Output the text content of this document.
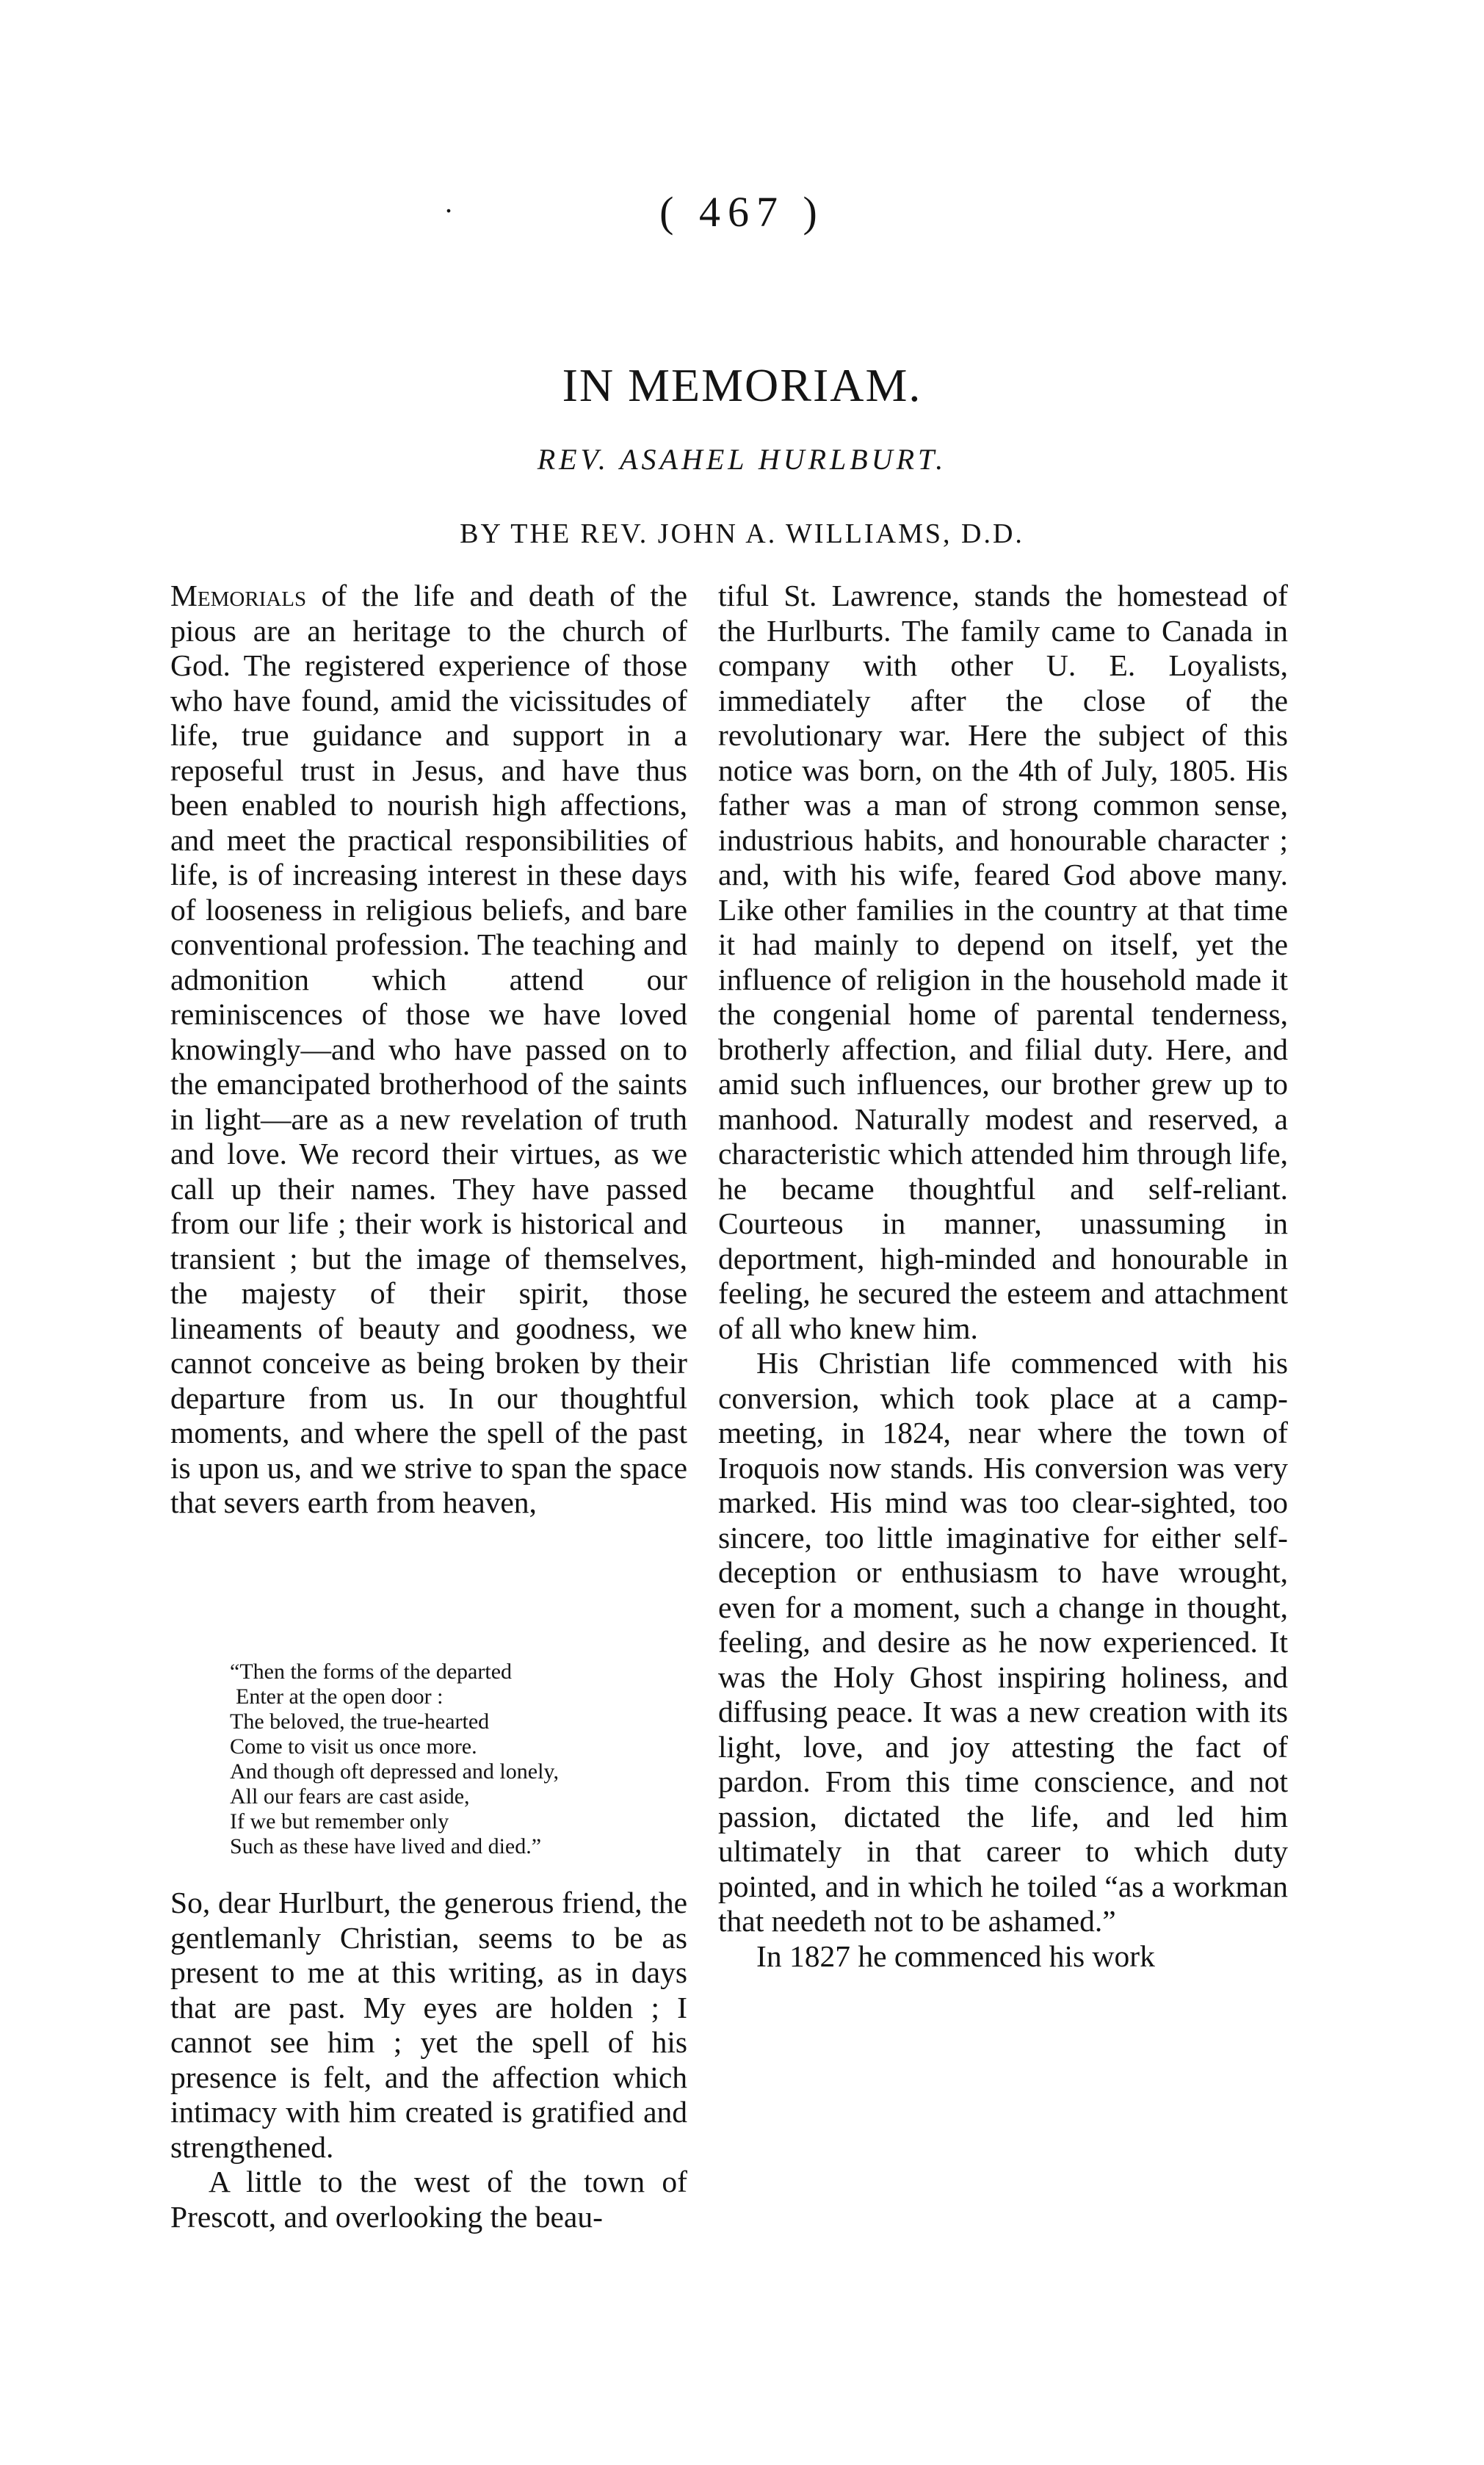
.	( 467 )
IN MEMORIAM.
REV. ASAHEL HURLBURT.
BY THE REV. JOHN A. WILLIAMS, D.D.

Memorials of the life and death of the pious are an heritage to the church of God. The registered experience of those who have found, amid the vicissitudes of life, true guidance and support in a reposeful trust in Jesus, and have thus been enabled to nourish high affections, and meet the practical responsibilities of life, is of increasing interest in these days of looseness in religious beliefs, and bare conventional profession. The teaching and admonition which attend our reminiscences of those we have loved knowingly—and who have passed on to the emancipated brotherhood of the saints in light—are as a new revelation of truth and love. We record their virtues, as we call up their names. They have passed from our life ; their work is historical and transient ; but the image of themselves, the majesty of their spirit, those lineaments of beauty and goodness, we cannot conceive as being broken by their departure from us. In our thoughtful moments, and where the spell of the past is upon us, and we strive to span the space that severs earth from heaven,

“Then the forms of the departed
Enter at the open door :
The beloved, the true-hearted
Come to visit us once more.
And though oft depressed and lonely,
All our fears are cast aside,
If we but remember only
Such as these have lived and died.”

So, dear Hurlburt, the generous friend, the gentlemanly Christian, seems to be as present to me at this writing, as in days that are past. My eyes are holden ; I cannot see him ; yet the spell of his presence is felt, and the affection which intimacy with him created is gratified and strengthened.

A little to the west of the town of Prescott, and overlooking the beau-

tiful St. Lawrence, stands the homestead of the Hurlburts. The family came to Canada in company with other U. E. Loyalists, immediately after the close of the revolutionary war. Here the subject of this notice was born, on the 4th of July, 1805. His father was a man of strong common sense, industrious habits, and honourable character ; and, with his wife, feared God above many. Like other families in the country at that time it had mainly to depend on itself, yet the influence of religion in the household made it the congenial home of parental tenderness, brotherly affection, and filial duty. Here, and amid such influences, our brother grew up to manhood. Naturally modest and reserved, a characteristic which attended him through life, he became thoughtful and self-reliant. Courteous in manner, unassuming in deportment, high-minded and honourable in feeling, he secured the esteem and attachment of all who knew him.

His Christian life commenced with his conversion, which took place at a camp-meeting, in 1824, near where the town of Iroquois now stands. His conversion was very marked. His mind was too clear-sighted, too sincere, too little imaginative for either self-deception or enthusiasm to have wrought, even for a moment, such a change in thought, feeling, and desire as he now experienced. It was the Holy Ghost inspiring holiness, and diffusing peace. It was a new creation with its light, love, and joy attesting the fact of pardon. From this time conscience, and not passion, dictated the life, and led him ultimately in that career to which duty pointed, and in which he toiled “as a workman that needeth not to be ashamed.”

In 1827 he commenced his work
